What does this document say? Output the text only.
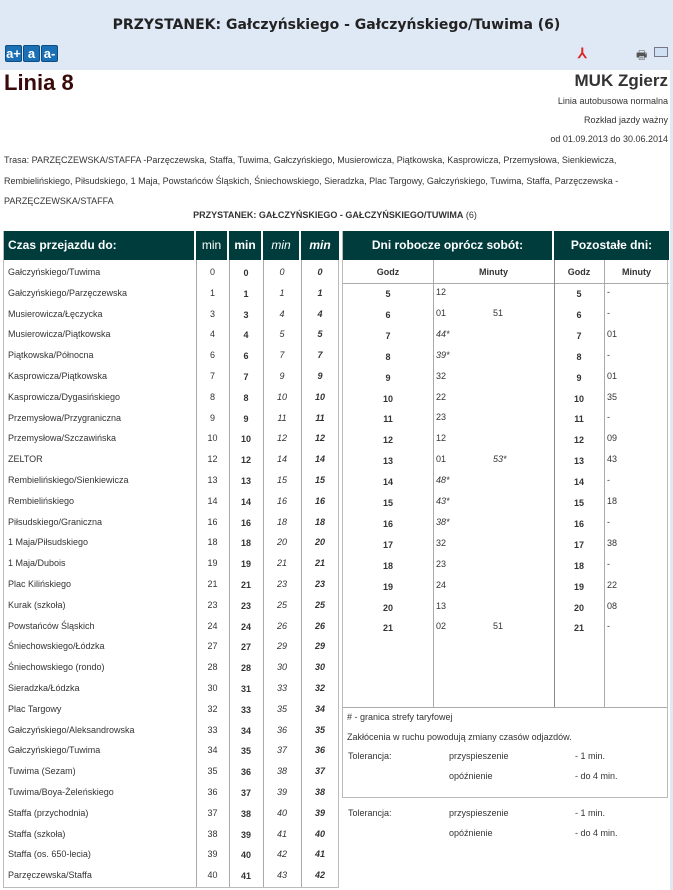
PRZYSTANEK: Gałczyńskiego - Gałczyńskiego/Tuwima (6)
a+ a a-	⅄	🖶
Linia 8	MUK Zgierz
Linia autobusowa normalna
Rozkład jazdy ważny
od 01.09.2013 do 30.06.2014
Trasa: PARZĘCZEWSKA/STAFFA -Parzęczewska, Staffa, Tuwima, Gałczyńskiego, Musierowicza, Piątkowska, Kasprowicza, Przemysłowa, Sienkiewicza, Rembielińskiego, Piłsudskiego, 1 Maja, Powstańców Śląskich, Śniechowskiego, Sieradzka, Plac Targowy, Gałczyńskiego, Tuwima, Staffa, Parzęczewska - PARZĘCZEWSKA/STAFFA
PRZYSTANEK: GAŁCZYŃSKIEGO - GAŁCZYŃSKIEGO/TUWIMA (6)
Czas przejazdu do:	min	min	min	min
Gałczyńskiego/Tuwima	0	0	0	0
Gałczyńskiego/Parzęczewska	1	1	1	1
Musierowicza/Łęczycka	3	3	4	4
Musierowicza/Piątkowska	4	4	5	5
Piątkowska/Północna	6	6	7	7
Kasprowicza/Piątkowska	7	7	9	9
Kasprowicza/Dygasińskiego	8	8	10	10
Przemysłowa/Przygraniczna	9	9	11	11
Przemysłowa/Szczawińska	10	10	12	12
ZELTOR	12	12	14	14
Rembielińskiego/Sienkiewicza	13	13	15	15
Rembielińskiego	14	14	16	16
Piłsudskiego/Graniczna	16	16	18	18
1 Maja/Piłsudskiego	18	18	20	20
1 Maja/Dubois	19	19	21	21
Plac Kilińskiego	21	21	23	23
Kurak (szkoła)	23	23	25	25
Powstańców Śląskich	24	24	26	26
Śniechowskiego/Łódzka	27	27	29	29
Śniechowskiego (rondo)	28	28	30	30
Sieradzka/Łódzka	30	31	33	32
Plac Targowy	32	33	35	34
Gałczyńskiego/Aleksandrowska	33	34	36	35
Gałczyńskiego/Tuwima	34	35	37	36
Tuwima (Sezam)	35	36	38	37
Tuwima/Boya-Żeleńskiego	36	37	39	38
Staffa (przychodnia)	37	38	40	39
Staffa (szkoła)	38	39	41	40
Staffa (os. 650-lecia)	39	40	42	41
Parzęczewska/Staffa	40	41	43	42
Dni robocze oprócz sobót:	Pozostałe dni:
Godz	Minuty	Godz	Minuty
# - granica strefy taryfowej
Zakłócenia w ruchu powodują zmiany czasów odjazdów.
5	12	5	-
6	01	51	6	-
7	44*	7	01
8	39*	8	-
9	32	9	01
10	22	10	35
11	23	11	-
12	12	12	09
13	01	53*	13	43
14	48*	14	-
15	43*	15	18
16	38*	16	-
17	32	17	38
18	23	18	-
19	24	19	22
20	13	20	08
21	02	51	21	-
Tolerancja:	przyspieszenie	- 1 min.
opóźnienie	- do 4 min.
Tolerancja:	przyspieszenie	- 1 min.
opóźnienie	- do 4 min.
